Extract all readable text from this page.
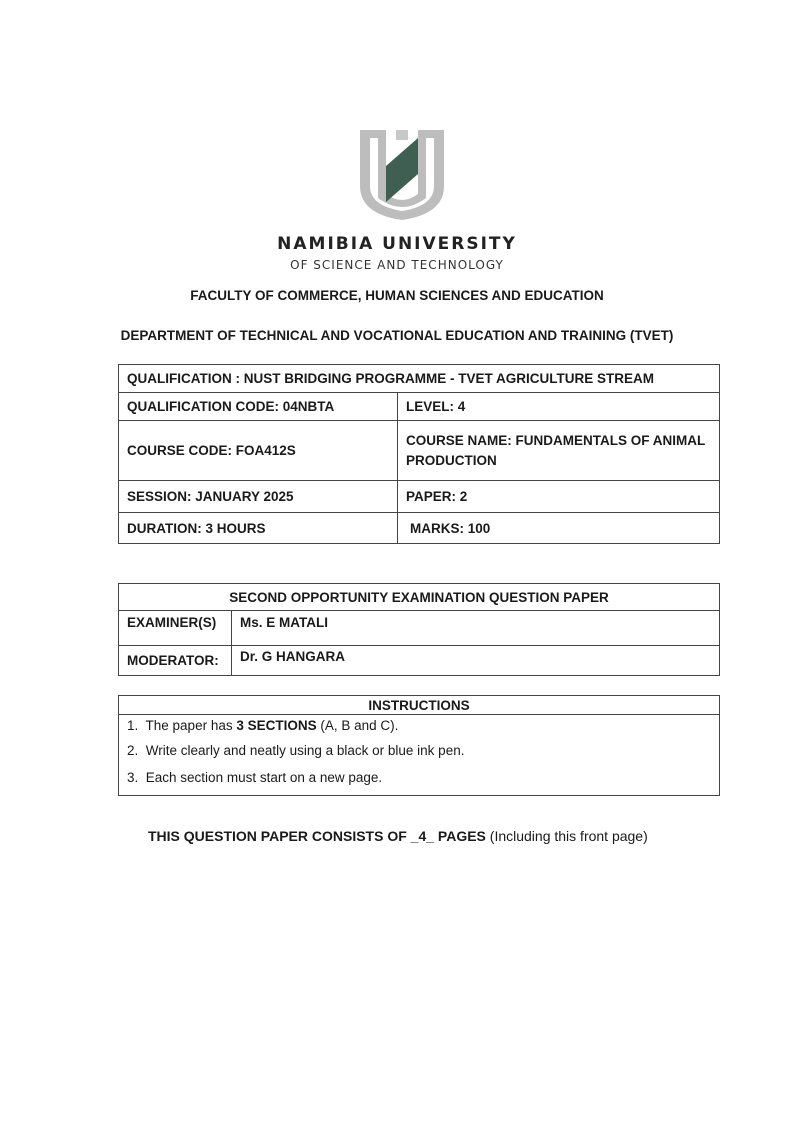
NAMIBIA UNIVERSITY
OF SCIENCE AND TECHNOLOGY
FACULTY OF COMMERCE, HUMAN SCIENCES AND EDUCATION
DEPARTMENT OF TECHNICAL AND VOCATIONAL EDUCATION AND TRAINING (TVET)
QUALIFICATION : NUST BRIDGING PROGRAMME - TVET AGRICULTURE STREAM	
QUALIFICATION CODE: 04NBTA	LEVEL: 4
COURSE CODE: FOA412S	COURSE NAME: FUNDAMENTALS OF ANIMAL PRODUCTION
SESSION: JANUARY 2025	PAPER: 2
DURATION: 3 HOURS	MARKS: 100
SECOND OPPORTUNITY EXAMINATION QUESTION PAPER	
EXAMINER(S)	Ms. E MATALI
MODERATOR:	Dr. G HANGARA
INSTRUCTIONS
1. The paper has 3 SECTIONS (A, B and C).
2. Write clearly and neatly using a black or blue ink pen.
3. Each section must start on a new page.
THIS QUESTION PAPER CONSISTS OF _4_ PAGES (Including this front page)
